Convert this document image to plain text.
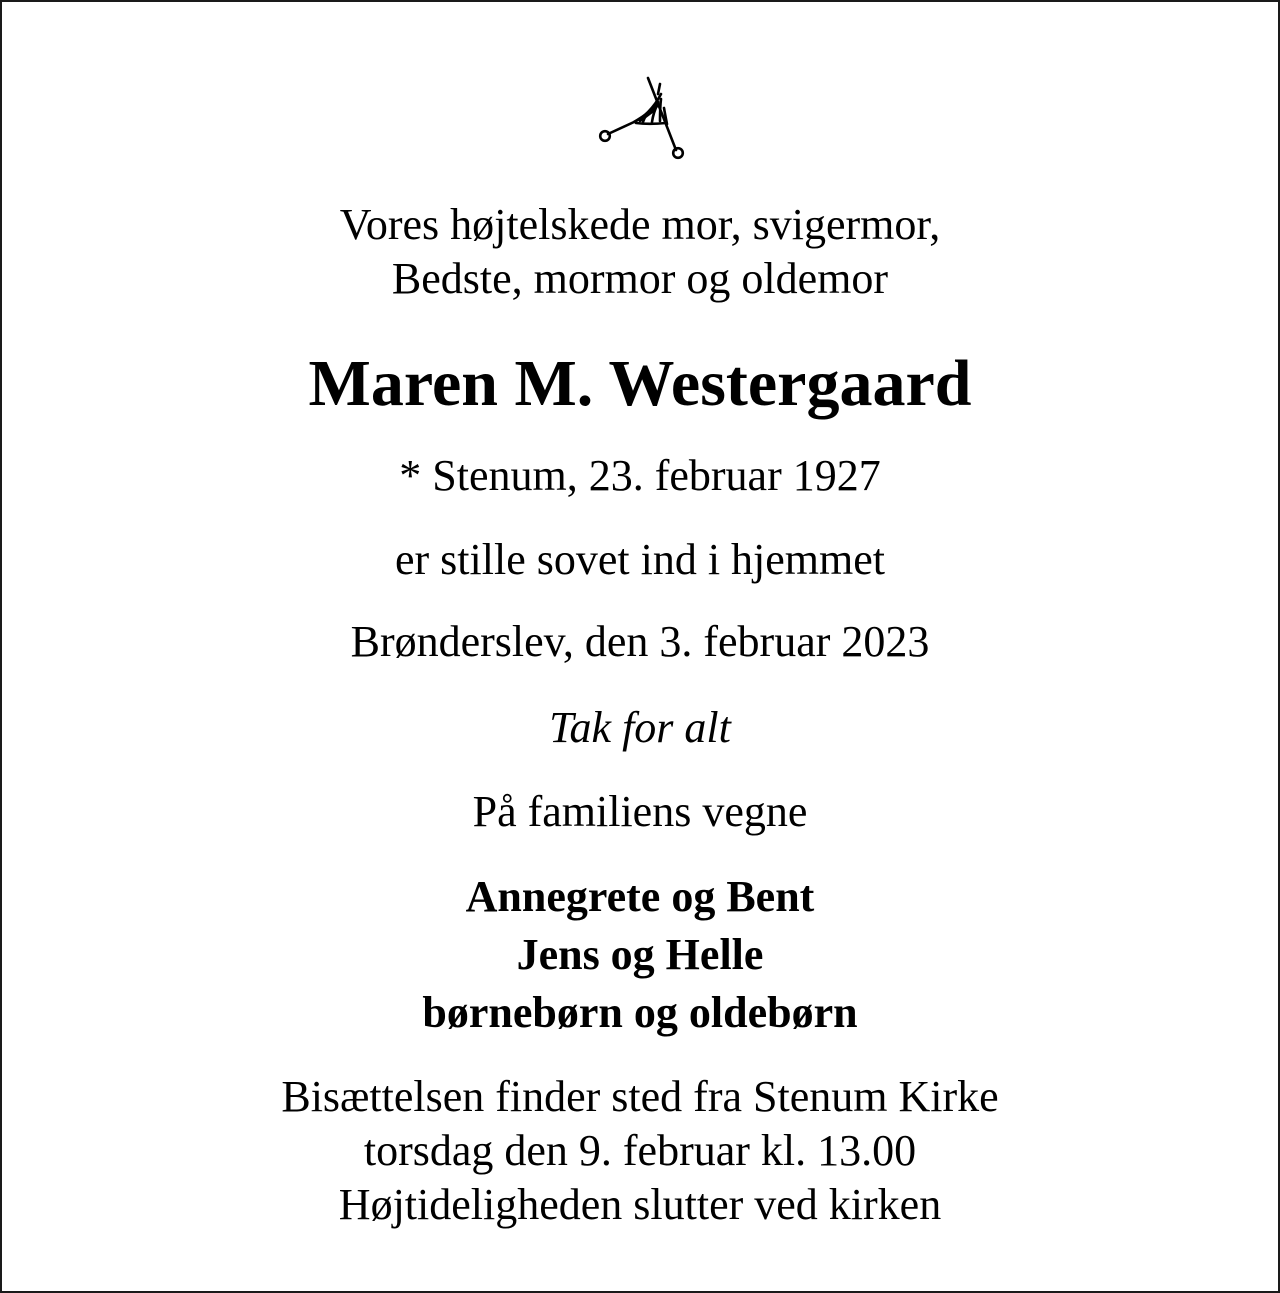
Vores højtelskede mor, svigermor,
Bedste, mormor og oldemor
Maren M. Westergaard
* Stenum, 23. februar 1927
er stille sovet ind i hjemmet
Brønderslev, den 3. februar 2023
Tak for alt
På familiens vegne
Annegrete og Bent
Jens og Helle
børnebørn og oldebørn
Bisættelsen finder sted fra Stenum Kirke
torsdag den 9. februar kl. 13.00
Højtideligheden slutter ved kirken
